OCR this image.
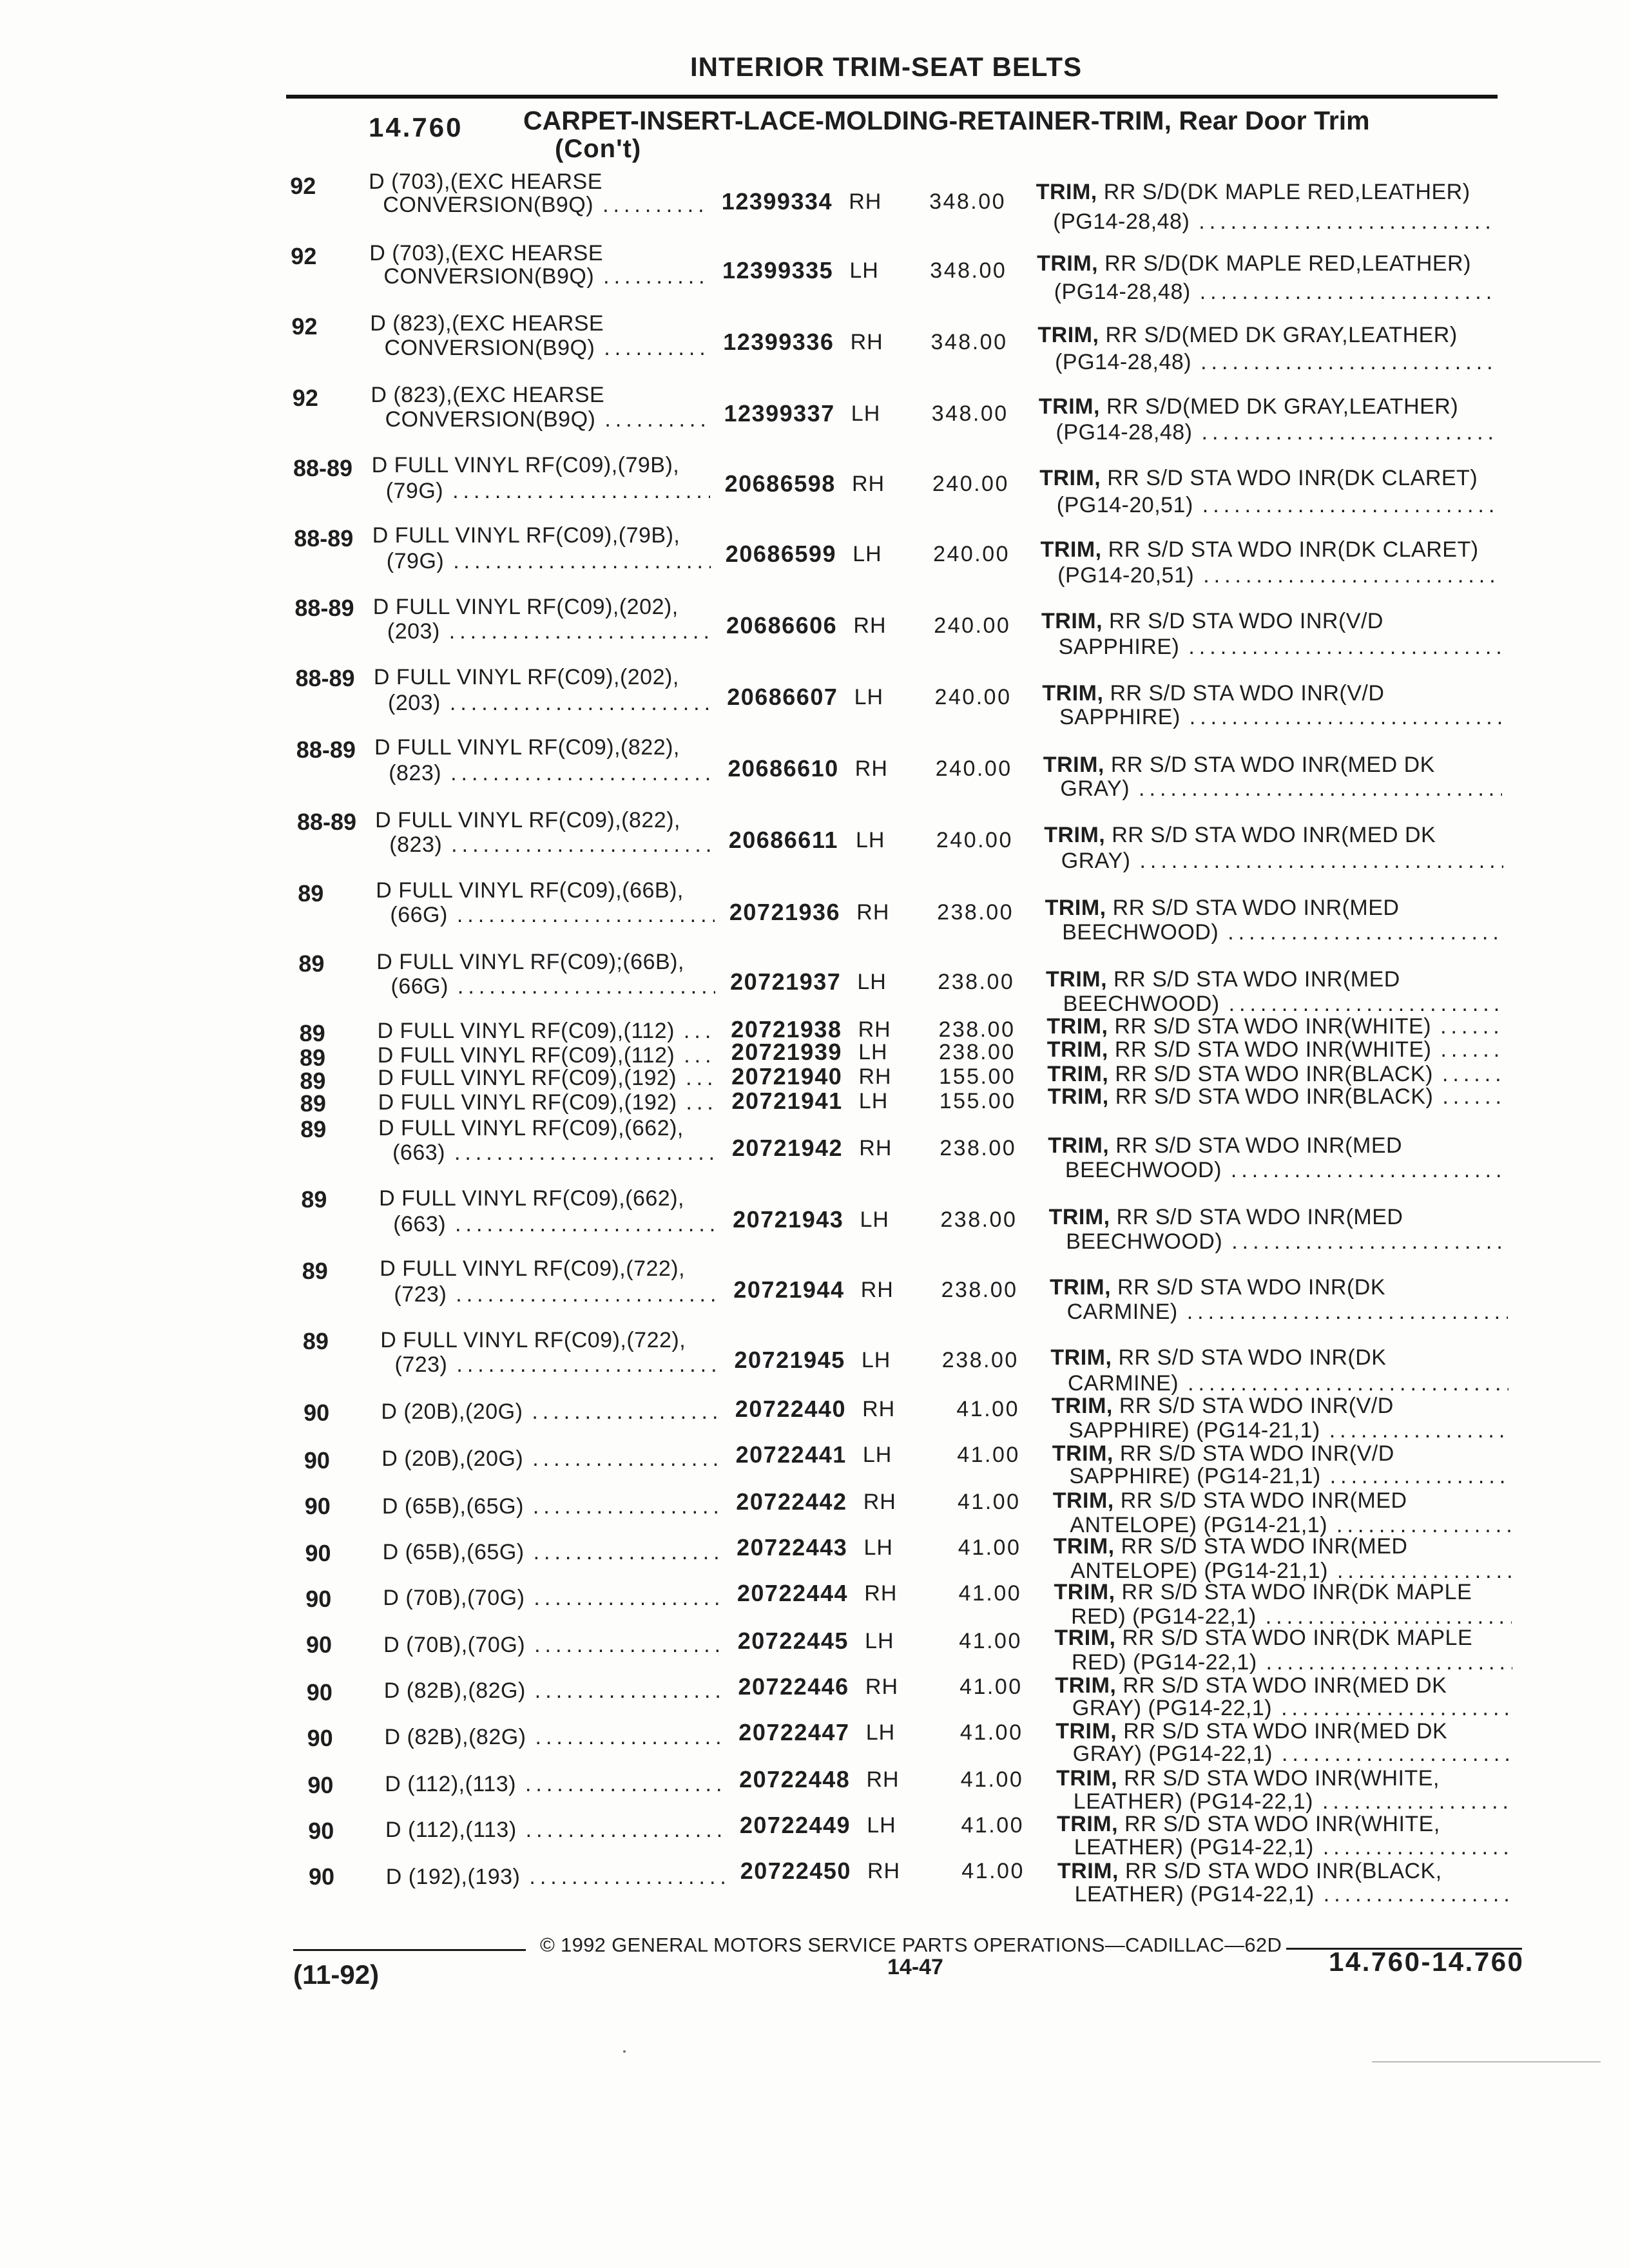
INTERIOR TRIM-SEAT BELTS
14.760 CARPET-INSERT-LACE-MOLDING-RETAINER-TRIM, Rear Door Trim
(Con't)
92 D (703),(EXC HEARSE
CONVERSION(B9Q) .....	12399334 RH	348.00 TRIM, RR S/D(DK MAPLE RED,LEATHER)
(PG14-28,48)
.....
92 D (703),(EXC HEARSE
CONVERSION(B9Q) .....	12399335 LH	348.00 TRIM, RR S/D(DK MAPLE RED,LEATHER)
(PG14-28,48)
.....
92 D (823),(EXC HEARSE
CONVERSION(B9Q) .....	12399336 RH	348.00 TRIM, RR S/D(MED DK GRAY,LEATHER)
(PG14-28,48)
.....
92 D (823),(EXC HEARSE
CONVERSION(B9Q) .....	12399337 LH	348.00 TRIM, RR S/D(MED DK GRAY,LEATHER)
(PG14-28,48)
.....
88-89 D FULL VINYL RF(C09),(79B),
(79G) .....	20686598 RH	240.00 TRIM, RR S/D STA WDO INR(DK CLARET)
(PG14-20,51)
.....
88-89 D FULL VINYL RF(C09),(79B),
(79G) .....	20686599 LH	240.00 TRIM, RR S/D STA WDO INR(DK CLARET)
(PG14-20,51)
.....
88-89 D FULL VINYL RF(C09),(202),
(203) .....	20686606 RH	240.00 TRIM, RR S/D STA WDO INR(V/D
SAPPHIRE)
.....
88-89 D FULL VINYL RF(C09),(202),
(203) .....	20686607 LH	240.00 TRIM, RR S/D STA WDO INR(V/D
SAPPHIRE)
.....
88-89 D FULL VINYL RF(C09),(822),
(823) .....	20686610 RH	240.00 TRIM, RR S/D STA WDO INR(MED DK
GRAY)
.....
88-89 D FULL VINYL RF(C09),(822),
(823) .....	20686611 LH	240.00 TRIM, RR S/D STA WDO INR(MED DK
GRAY)
.....
89 D FULL VINYL RF(C09),(66B),
(66G) .....	20721936 RH	238.00 TRIM, RR S/D STA WDO INR(MED
BEECHWOOD)
.....
89 D FULL VINYL RF(C09);(66B),
(66G) .....	20721937 LH	238.00 TRIM, RR S/D STA WDO INR(MED
BEECHWOOD)
.....
89 D FULL VINYL RF(C09),(112) ..... 20721938 RH	238.00 TRIM, RR S/D STA WDO INR(WHITE)
.....
89 D FULL VINYL RF(C09),(112) ..... 20721939 LH	238.00 TRIM, RR S/D STA WDO INR(WHITE)
.....
89 D FULL VINYL RF(C09),(192) ..... 20721940 RH	155.00 TRIM, RR S/D STA WDO INR(BLACK)
.....
89 D FULL VINYL RF(C09),(192) ..... 20721941 LH	155.00 TRIM, RR S/D STA WDO INR(BLACK)
.....
89 D FULL VINYL RF(C09),(662),
(663) .....	20721942 RH	238.00 TRIM, RR S/D STA WDO INR(MED
BEECHWOOD)
.....
89 D FULL VINYL RF(C09),(662),
(663) .....	20721943 LH	238.00 TRIM, RR S/D STA WDO INR(MED
BEECHWOOD)
.....
89 D FULL VINYL RF(C09),(722),
(723) .....	20721944 RH	238.00 TRIM, RR S/D STA WDO INR(DK
CARMINE)
.....
89 D FULL VINYL RF(C09),(722),
(723) .....	20721945 LH	238.00 TRIM, RR S/D STA WDO INR(DK
CARMINE)
.....
90 D (20B),(20G) .....	20722440 RH	41.00 TRIM, RR S/D STA WDO INR(V/D
SAPPHIRE) (PG14-21,1)
.....
90 D (20B),(20G) .....	20722441 LH	41.00 TRIM, RR S/D STA WDO INR(V/D
SAPPHIRE) (PG14-21,1)
.....
90 D (65B),(65G) .....	20722442 RH	41.00 TRIM, RR S/D STA WDO INR(MED
ANTELOPE) (PG14-21,1)
.....
90 D (65B),(65G) .....	20722443 LH	41.00 TRIM, RR S/D STA WDO INR(MED
ANTELOPE) (PG14-21,1)
.....
90 D (70B),(70G) .....	20722444 RH	41.00 TRIM, RR S/D STA WDO INR(DK MAPLE
RED) (PG14-22,1)
.....
90 D (70B),(70G) .....	20722445 LH	41.00 TRIM, RR S/D STA WDO INR(DK MAPLE
RED) (PG14-22,1)
.....
90 D (82B),(82G) .....	20722446 RH	41.00 TRIM, RR S/D STA WDO INR(MED DK
GRAY) (PG14-22,1)
.....
90 D (82B),(82G) .....	20722447 LH	41.00 TRIM, RR S/D STA WDO INR(MED DK
GRAY) (PG14-22,1)
.....
90 D (112),(113) .....	20722448 RH	41.00 TRIM, RR S/D STA WDO INR(WHITE,
LEATHER) (PG14-22,1)
.....
90 D (112),(113) .....	20722449 LH	41.00 TRIM, RR S/D STA WDO INR(WHITE,
LEATHER) (PG14-22,1)
.....
90 D (192),(193) .....	20722450 RH	41.00 TRIM, RR S/D STA WDO INR(BLACK,
LEATHER) (PG14-22,1)
.....
© 1992 GENERAL MOTORS SERVICE PARTS OPERATIONS—CADILLAC—62D
(11-92)	14-47	14.760-14.760
